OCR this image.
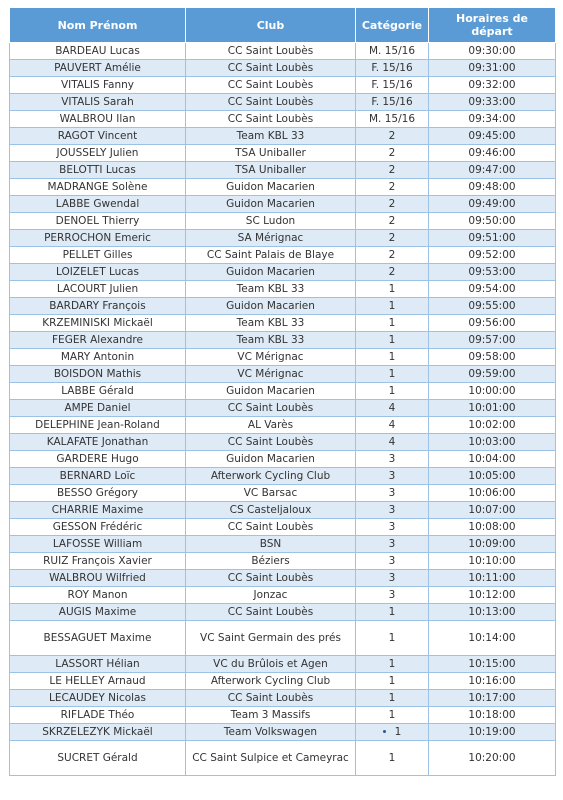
Nom Prénom	Club	Catégorie	Horaires de
départ
BARDEAU Lucas	CC Saint Loubès	M. 15/16	09:30:00
PAUVERT Amélie	CC Saint Loubès	F. 15/16	09:31:00
VITALIS Fanny	CC Saint Loubès	F. 15/16	09:32:00
VITALIS Sarah	CC Saint Loubès	F. 15/16	09:33:00
WALBROU Ilan	CC Saint Loubès	M. 15/16	09:34:00
RAGOT Vincent	Team KBL 33	2	09:45:00
JOUSSELY Julien	TSA Uniballer	2	09:46:00
BELOTTI Lucas	TSA Uniballer	2	09:47:00
MADRANGE Solène	Guidon Macarien	2	09:48:00
LABBE Gwendal	Guidon Macarien	2	09:49:00
DENOEL Thierry	SC Ludon	2	09:50:00
PERROCHON Emeric	SA Mérignac	2	09:51:00
PELLET Gilles	CC Saint Palais de Blaye	2	09:52:00
LOIZELET Lucas	Guidon Macarien	2	09:53:00
LACOURT Julien	Team KBL 33	1	09:54:00
BARDARY François	Guidon Macarien	1	09:55:00
KRZEMINISKI Mickaël	Team KBL 33	1	09:56:00
FEGER Alexandre	Team KBL 33	1	09:57:00
MARY Antonin	VC Mérignac	1	09:58:00
BOISDON Mathis	VC Mérignac	1	09:59:00
LABBE Gérald	Guidon Macarien	1	10:00:00
AMPE Daniel	CC Saint Loubès	4	10:01:00
DELEPHINE Jean-Roland	AL Varès	4	10:02:00
KALAFATE Jonathan	CC Saint Loubès	4	10:03:00
GARDERE Hugo	Guidon Macarien	3	10:04:00
BERNARD Loïc	Afterwork Cycling Club	3	10:05:00
BESSO Grégory	VC Barsac	3	10:06:00
CHARRIE Maxime	CS Casteljaloux	3	10:07:00
GESSON Frédéric	CC Saint Loubès	3	10:08:00
LAFOSSE William	BSN	3	10:09:00
RUIZ François Xavier	Béziers	3	10:10:00
WALBROU Wilfried	CC Saint Loubès	3	10:11:00
ROY Manon	Jonzac	3	10:12:00
AUGIS Maxime	CC Saint Loubès	1	10:13:00
BESSAGUET Maxime	VC Saint Germain des prés	1	10:14:00
LASSORT Hélian	VC du Brûlois et Agen	1	10:15:00
LE HELLEY Arnaud	Afterwork Cycling Club	1	10:16:00
LECAUDEY Nicolas	CC Saint Loubès	1	10:17:00
RIFLADE Théo	Team 3 Massifs	1	10:18:00
SKRZELEZYK Mickaël	Team Volkswagen	1	10:19:00
SUCRET Gérald	CC Saint Sulpice et Cameyrac	1	10:20:00
